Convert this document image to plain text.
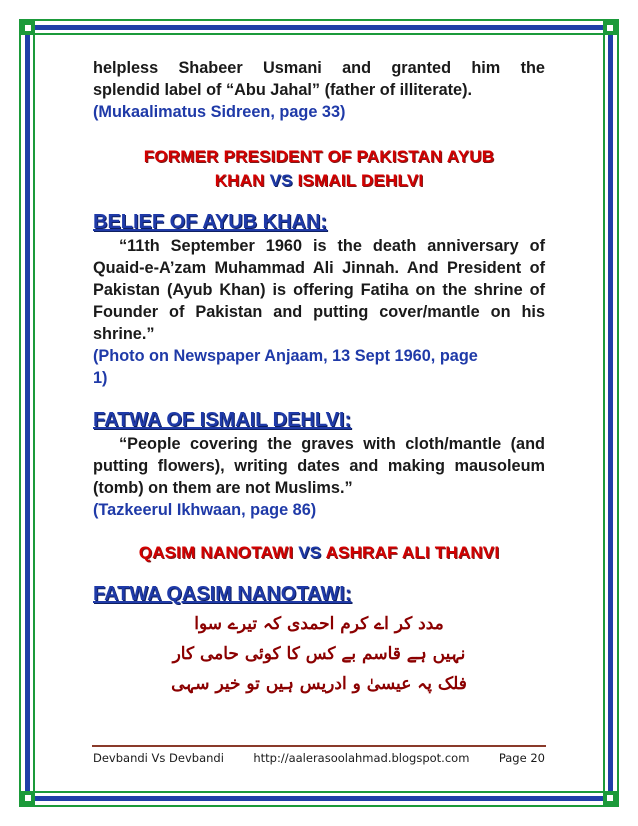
helpless Shabeer Usmani and granted him the

splendid label of “Abu Jahal” (father of illiterate).

(Mukaalimatus Sidreen, page 33)

FORMER PRESIDENT OF PAKISTAN AYUB
KHAN VS ISMAIL DEHLVI

BELIEF OF AYUB KHAN:

“11th September 1960 is the death anniversary of Quaid-e-A’zam Muhammad Ali Jinnah. And President of Pakistan (Ayub Khan) is offering Fatiha on the shrine of Founder of Pakistan and putting cover/mantle on his shrine.”

(Photo on Newspaper Anjaam, 13 Sept 1960, page 1)

FATWA OF ISMAIL DEHLVI:

“People covering the graves with cloth/mantle (and putting flowers), writing dates and making mausoleum (tomb) on them are not Muslims.”

(Tazkeerul Ikhwaan, page 86)

QASIM NANOTAWI VS ASHRAF ALI THANVI

FATWA QASIM NANOTAWI:

مدد کر اے کرم احمدی کہ تیرے سوا
نہیں ہے قاسم بے کس کا کوئی حامی کار
فلک پہ عیسیٰ و ادریس ہیں تو خیر سہی
Devbandi Vs Devbandi	http://aalerasoolahmad.blogspot.com	Page 20
